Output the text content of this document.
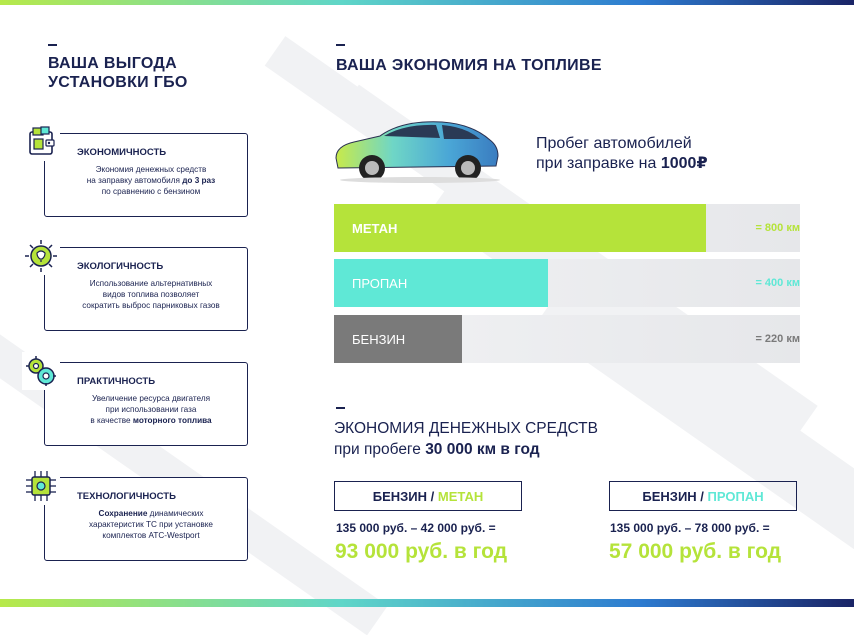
ВАША ВЫГОДА
УСТАНОВКИ ГБО
ЭКОНОМИЧНОСТЬ
Экономия денежных средств
на заправку автомобиля до 3 раз
по сравнению с бензином
ЭКОЛОГИЧНОСТЬ
Использование альтернативных
видов топлива позволяет
сократить выброс парниковых газов
ПРАКТИЧНОСТЬ
Увеличение ресурса двигателя
при использовании газа
в качестве моторного топлива
ТЕХНОЛОГИЧНОСТЬ
Сохранение динамических
характеристик ТС при установке
комплектов АТС-Westport
ВАША ЭКОНОМИЯ НА ТОПЛИВЕ
Пробег автомобилей
при заправке на 1000₽
МЕТАН	= 800 км
ПРОПАН	= 400 км
БЕНЗИН	= 220 км
ЭКОНОМИЯ ДЕНЕЖНЫХ СРЕДСТВ
при пробеге 30 000 км в год
БЕНЗИН / МЕТАН
135 000 руб. – 42 000 руб. =
93 000 руб. в год
БЕНЗИН / ПРОПАН
135 000 руб. – 78 000 руб. =
57 000 руб. в год
